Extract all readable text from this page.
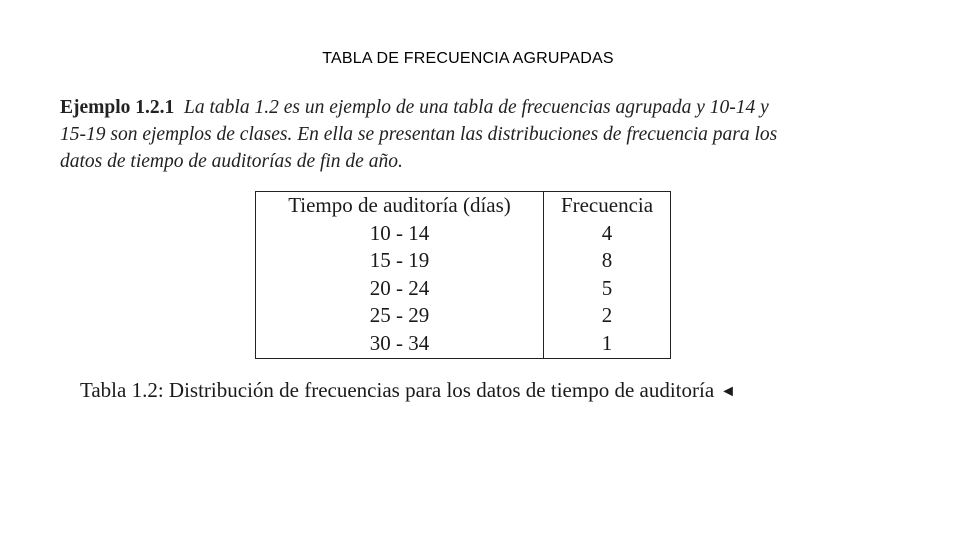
TABLA DE FRECUENCIA AGRUPADAS
Ejemplo 1.2.1 La tabla 1.2 es un ejemplo de una tabla de frecuencias agrupada y 10-14 y
15-19 son ejemplos de clases. En ella se presentan las distribuciones de frecuencia para los
datos de tiempo de auditorías de fin de año.
Tiempo de auditoría (días)	Frecuencia
10 - 14	4
15 - 19	8
20 - 24	5
25 - 29	2
30 - 34	1
Tabla 1.2: Distribución de frecuencias para los datos de tiempo de auditoría ◄
